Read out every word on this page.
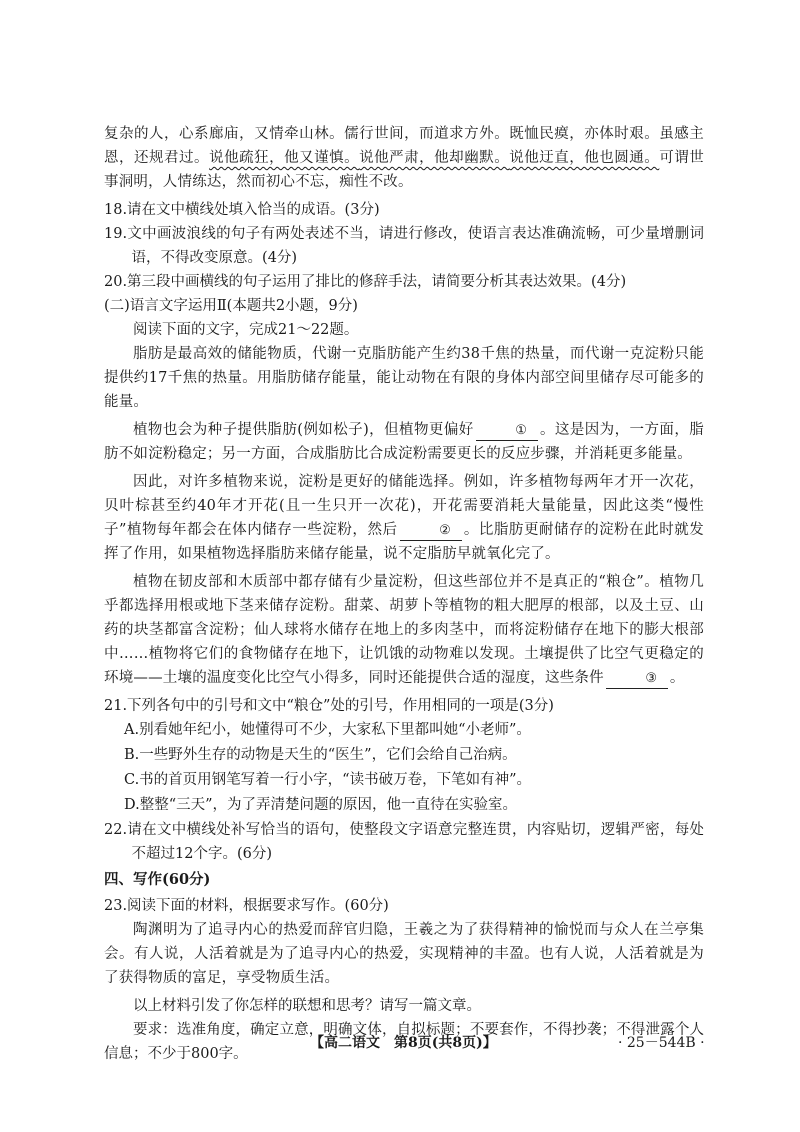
复杂的人，心系廊庙，又情牵山林。儒行世间，而道求方外。既恤民瘼，亦体时艰。虽感主恩，还规君过。说他疏狂，他又谨慎。说他严肃，他却幽默。说他迂直，他也圆通。可谓世事洞明，人情练达，然而初心不忘，痴性不改。

18.请在文中横线处填入恰当的成语。(3分)

19.文中画波浪线的句子有两处表述不当，请进行修改，使语言表达准确流畅，可少量增删词语，不得改变原意。(4分)

20.第三段中画横线的句子运用了排比的修辞手法，请简要分析其表达效果。(4分)

(二)语言文字运用Ⅱ(本题共2小题，9分)

阅读下面的文字，完成21～22题。

脂肪是最高效的储能物质，代谢一克脂肪能产生约38千焦的热量，而代谢一克淀粉只能提供约17千焦的热量。用脂肪储存能量，能让动物在有限的身体内部空间里储存尽可能多的能量。

植物也会为种子提供脂肪(例如松子)，但植物更偏好	① 。这是因为，一方面，脂肪不如淀粉稳定；另一方面，合成脂肪比合成淀粉需要更长的反应步骤，并消耗更多能量。

因此，对许多植物来说，淀粉是更好的储能选择。例如，许多植物每两年才开一次花，贝叶棕甚至约40年才开花(且一生只开一次花)，开花需要消耗大量能量，因此这类“慢性子”植物每年都会在体内储存一些淀粉，然后	② 。比脂肪更耐储存的淀粉在此时就发挥了作用，如果植物选择脂肪来储存能量，说不定脂肪早就氧化完了。

植物在韧皮部和木质部中都存储有少量淀粉，但这些部位并不是真正的“粮仓”。植物几乎都选择用根或地下茎来储存淀粉。甜菜、胡萝卜等植物的粗大肥厚的根部，以及土豆、山药的块茎都富含淀粉；仙人球将水储存在地上的多肉茎中，而将淀粉储存在地下的膨大根部中……植物将它们的食物储存在地下，让饥饿的动物难以发现。土壤提供了比空气更稳定的环境——土壤的温度变化比空气小得多，同时还能提供合适的湿度，这些条件	③ 。

21.下列各句中的引号和文中“粮仓”处的引号，作用相同的一项是(3分)

A.别看她年纪小，她懂得可不少，大家私下里都叫她“小老师”。

B.一些野外生存的动物是天生的“医生”，它们会给自己治病。

C.书的首页用钢笔写着一行小字，“读书破万卷，下笔如有神”。

D.整整“三天”，为了弄清楚问题的原因，他一直待在实验室。

22.请在文中横线处补写恰当的语句，使整段文字语意完整连贯，内容贴切，逻辑严密，每处不超过12个字。(6分)

四、写作(60分)

23.阅读下面的材料，根据要求写作。(60分)

陶渊明为了追寻内心的热爱而辞官归隐，王羲之为了获得精神的愉悦而与众人在兰亭集会。有人说，人活着就是为了追寻内心的热爱，实现精神的丰盈。也有人说，人活着就是为了获得物质的富足，享受物质生活。

以上材料引发了你怎样的联想和思考？请写一篇文章。

要求：选准角度，确定立意，明确文体，自拟标题；不要套作，不得抄袭；不得泄露个人信息；不少于800字。

【高二语文　第8页(共8页)】	· 25－544B ·
